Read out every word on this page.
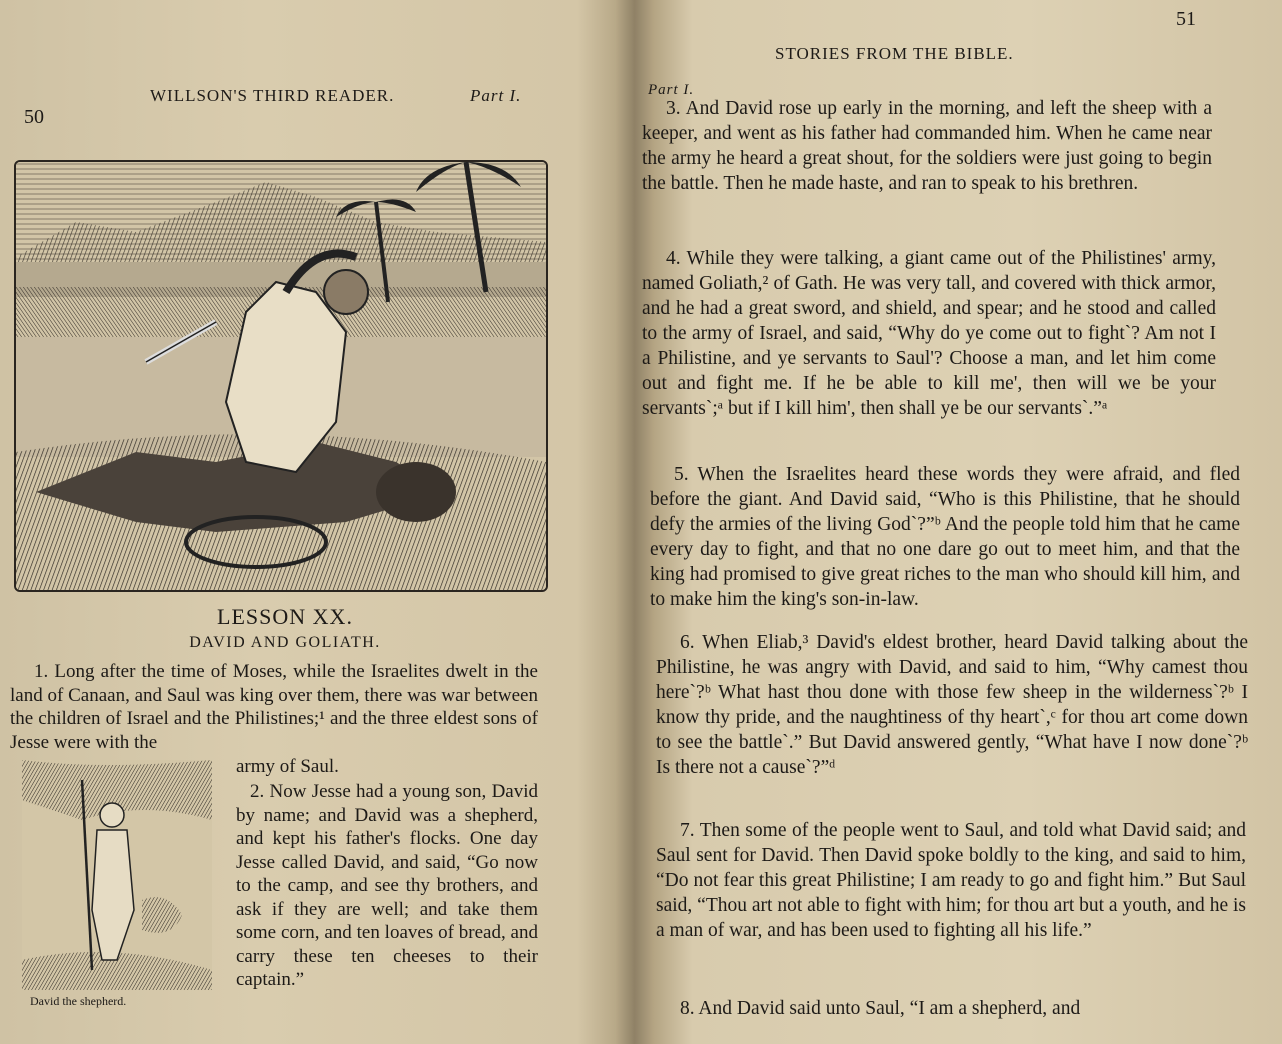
50
WILLSON'S THIRD READER.	Part I.
LESSON XX.
DAVID AND GOLIATH.
1. Long after the time of Moses, while the Israelites dwelt in the land of Canaan, and Saul was king over them, there was war between the children of Israel and the Philistines;¹ and the three eldest sons of Jesse were with the
army of Saul.
2. Now Jesse had a young son, David by name; and David was a shepherd, and kept his father's flocks. One day Jesse called David, and said, “Go now to the camp, and see thy brothers, and ask if they are well; and take them some corn, and ten loaves of bread, and carry these ten cheeses to their captain.”
David the shepherd.
51
STORIES FROM THE BIBLE.
Part I.
3. And David rose up early in the morning, and left the sheep with a keeper, and went as his father had commanded him. When he came near the army he heard a great shout, for the soldiers were just going to begin the battle. Then he made haste, and ran to speak to his brethren.
4. While they were talking, a giant came out of the Philistines' army, named Goliath,² of Gath. He was very tall, and covered with thick armor, and he had a great sword, and shield, and spear; and he stood and called to the army of Israel, and said, “Why do ye come out to fight`? Am not I a Philistine, and ye servants to Saul'? Choose a man, and let him come out and fight me. If he be able to kill me', then will we be your servants`;ᵃ but if I kill him', then shall ye be our servants`.”ᵃ
5. When the Israelites heard these words they were afraid, and fled before the giant. And David said, “Who is this Philistine, that he should defy the armies of the living God`?”ᵇ And the people told him that he came every day to fight, and that no one dare go out to meet him, and that the king had promised to give great riches to the man who should kill him, and to make him the king's son-in-law.
6. When Eliab,³ David's eldest brother, heard David talking about the Philistine, he was angry with David, and said to him, “Why camest thou here`?ᵇ What hast thou done with those few sheep in the wilderness`?ᵇ I know thy pride, and the naughtiness of thy heart`,ᶜ for thou art come down to see the battle`.” But David answered gently, “What have I now done`?ᵇ Is there not a cause`?”ᵈ
7. Then some of the people went to Saul, and told what David said; and Saul sent for David. Then David spoke boldly to the king, and said to him, “Do not fear this great Philistine; I am ready to go and fight him.” But Saul said, “Thou art not able to fight with him; for thou art but a youth, and he is a man of war, and has been used to fighting all his life.”
8. And David said unto Saul, “I am a shepherd, and
